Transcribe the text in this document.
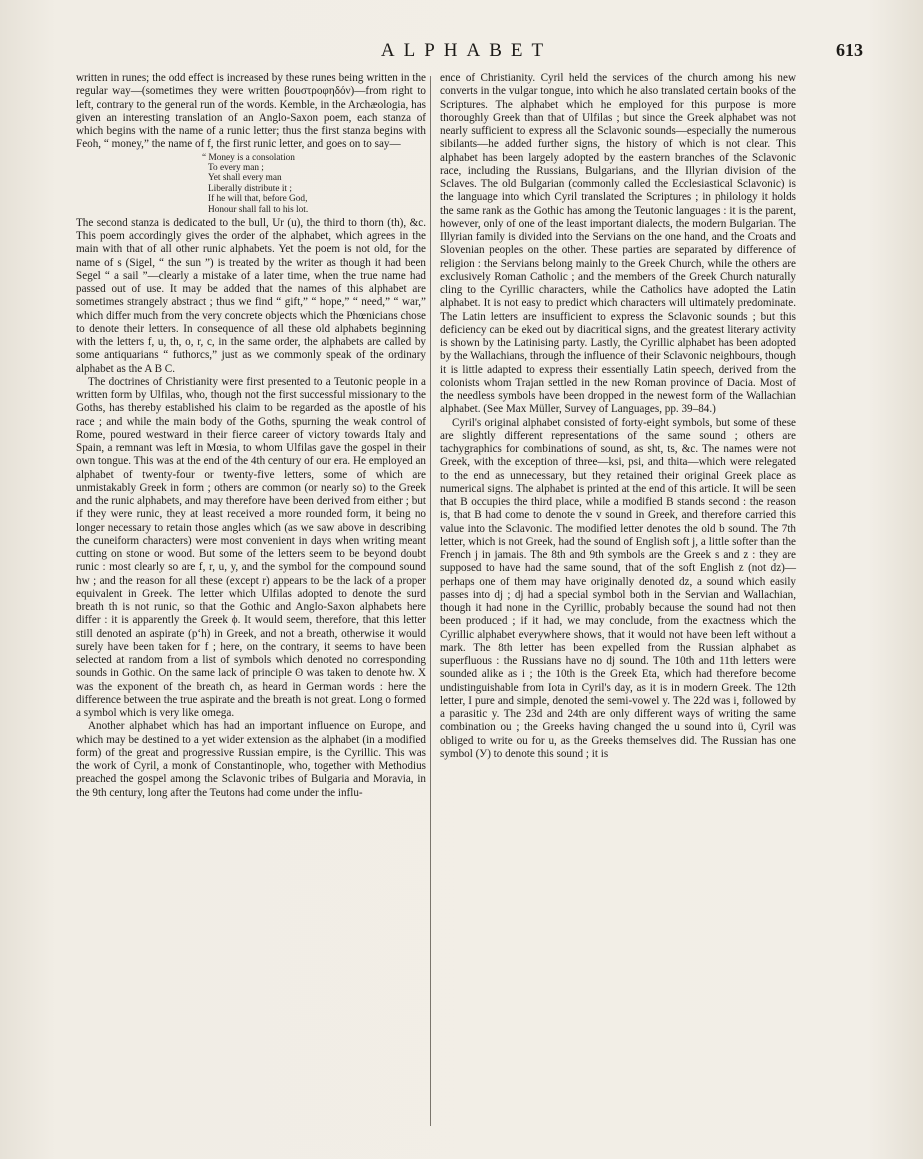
ALPHABET	613

written in runes; the odd effect is increased by these runes being written in the regular way—(sometimes they were written βουστροφηδόν)—from right to left, contrary to the general run of the words. Kemble, in the Archæologia, has given an interesting translation of an Anglo-Saxon poem, each stanza of which begins with the name of a runic letter; thus the first stanza begins with Feoh, “ money,” the name of f, the first runic letter, and goes on to say—

“ Money is a consolation
To every man ;
Yet shall every man
Liberally distribute it ;
If he will that, before God,
Honour shall fall to his lot.

The second stanza is dedicated to the bull, Ur (u), the third to thorn (th), &c. This poem accordingly gives the order of the alphabet, which agrees in the main with that of all other runic alphabets. Yet the poem is not old, for the name of s (Sigel, “ the sun ”) is treated by the writer as though it had been Segel “ a sail ”—clearly a mistake of a later time, when the true name had passed out of use. It may be added that the names of this alphabet are sometimes strangely abstract ; thus we find “ gift,” “ hope,” “ need,” “ war,” which differ much from the very concrete objects which the Phœnicians chose to denote their letters. In consequence of all these old alphabets beginning with the letters f, u, th, o, r, c, in the same order, the alphabets are called by some antiquarians “ futhorcs,” just as we commonly speak of the ordinary alphabet as the A B C.

The doctrines of Christianity were first presented to a Teutonic people in a written form by Ulfilas, who, though not the first successful missionary to the Goths, has thereby established his claim to be regarded as the apostle of his race ; and while the main body of the Goths, spurning the weak control of Rome, poured westward in their fierce career of victory towards Italy and Spain, a remnant was left in Mœsia, to whom Ulfilas gave the gospel in their own tongue. This was at the end of the 4th century of our era. He employed an alphabet of twenty-four or twenty-five letters, some of which are unmistakably Greek in form ; others are common (or nearly so) to the Greek and the runic alphabets, and may therefore have been derived from either ; but if they were runic, they at least received a more rounded form, it being no longer necessary to retain those angles which (as we saw above in describing the cuneiform characters) were most convenient in days when writing meant cutting on stone or wood. But some of the letters seem to be beyond doubt runic : most clearly so are f, r, u, y, and the symbol for the compound sound hw ; and the reason for all these (except r) appears to be the lack of a proper equivalent in Greek. The letter which Ulfilas adopted to denote the surd breath th is not runic, so that the Gothic and Anglo-Saxon alphabets here differ : it is apparently the Greek ϕ. It would seem, therefore, that this letter still denoted an aspirate (p‘h) in Greek, and not a breath, otherwise it would surely have been taken for f ; here, on the contrary, it seems to have been selected at random from a list of symbols which denoted no corresponding sounds in Gothic. On the same lack of principle ʘ was taken to denote hw. X was the exponent of the breath ch, as heard in German words : here the difference between the true aspirate and the breath is not great. Long o formed a symbol which is very like omega.

Another alphabet which has had an important influence on Europe, and which may be destined to a yet wider extension as the alphabet (in a modified form) of the great and progressive Russian empire, is the Cyrillic. This was the work of Cyril, a monk of Constantinople, who, together with Methodius preached the gospel among the Sclavonic tribes of Bulgaria and Moravia, in the 9th century, long after the Teutons had come under the influ-

ence of Christianity. Cyril held the services of the church among his new converts in the vulgar tongue, into which he also translated certain books of the Scriptures. The alphabet which he employed for this purpose is more thoroughly Greek than that of Ulfilas ; but since the Greek alphabet was not nearly sufficient to express all the Sclavonic sounds—especially the numerous sibilants—he added further signs, the history of which is not clear. This alphabet has been largely adopted by the eastern branches of the Sclavonic race, including the Russians, Bulgarians, and the Illyrian division of the Sclaves. The old Bulgarian (commonly called the Ecclesiastical Sclavonic) is the language into which Cyril translated the Scriptures ; in philology it holds the same rank as the Gothic has among the Teutonic languages : it is the parent, however, only of one of the least important dialects, the modern Bulgarian. The Illyrian family is divided into the Servians on the one hand, and the Croats and Slovenian peoples on the other. These parties are separated by difference of religion : the Servians belong mainly to the Greek Church, while the others are exclusively Roman Catholic ; and the members of the Greek Church naturally cling to the Cyrillic characters, while the Catholics have adopted the Latin alphabet. It is not easy to predict which characters will ultimately predominate. The Latin letters are insufficient to express the Sclavonic sounds ; but this deficiency can be eked out by diacritical signs, and the greatest literary activity is shown by the Latinising party. Lastly, the Cyrillic alphabet has been adopted by the Wallachians, through the influence of their Sclavonic neighbours, though it is little adapted to express their essentially Latin speech, derived from the colonists whom Trajan settled in the new Roman province of Dacia. Most of the needless symbols have been dropped in the newest form of the Wallachian alphabet. (See Max Müller, Survey of Languages, pp. 39–84.)

Cyril's original alphabet consisted of forty-eight symbols, but some of these are slightly different representations of the same sound ; others are tachygraphics for combinations of sound, as sht, ts, &c. The names were not Greek, with the exception of three—ksi, psi, and thita—which were relegated to the end as unnecessary, but they retained their original Greek place as numerical signs. The alphabet is printed at the end of this article. It will be seen that B occupies the third place, while a modified B stands second : the reason is, that B had come to denote the v sound in Greek, and therefore carried this value into the Sclavonic. The modified letter denotes the old b sound. The 7th letter, which is not Greek, had the sound of English soft j, a little softer than the French j in jamais. The 8th and 9th symbols are the Greek s and z : they are supposed to have had the same sound, that of the soft English z (not dz)—perhaps one of them may have originally denoted dz, a sound which easily passes into dj ; dj had a special symbol both in the Servian and Wallachian, though it had none in the Cyrillic, probably because the sound had not then been produced ; if it had, we may conclude, from the exactness which the Cyrillic alphabet everywhere shows, that it would not have been left without a mark. The 8th letter has been expelled from the Russian alphabet as superfluous : the Russians have no dj sound. The 10th and 11th letters were sounded alike as i ; the 10th is the Greek Eta, which had therefore become undistinguishable from Iota in Cyril's day, as it is in modern Greek. The 12th letter, I pure and simple, denoted the semi-vowel y. The 22d was i, followed by a parasitic y. The 23d and 24th are only different ways of writing the same combination ou ; the Greeks having changed the u sound into ü, Cyril was obliged to write ou for u, as the Greeks themselves did. The Russian has one symbol (У) to denote this sound ; it is
